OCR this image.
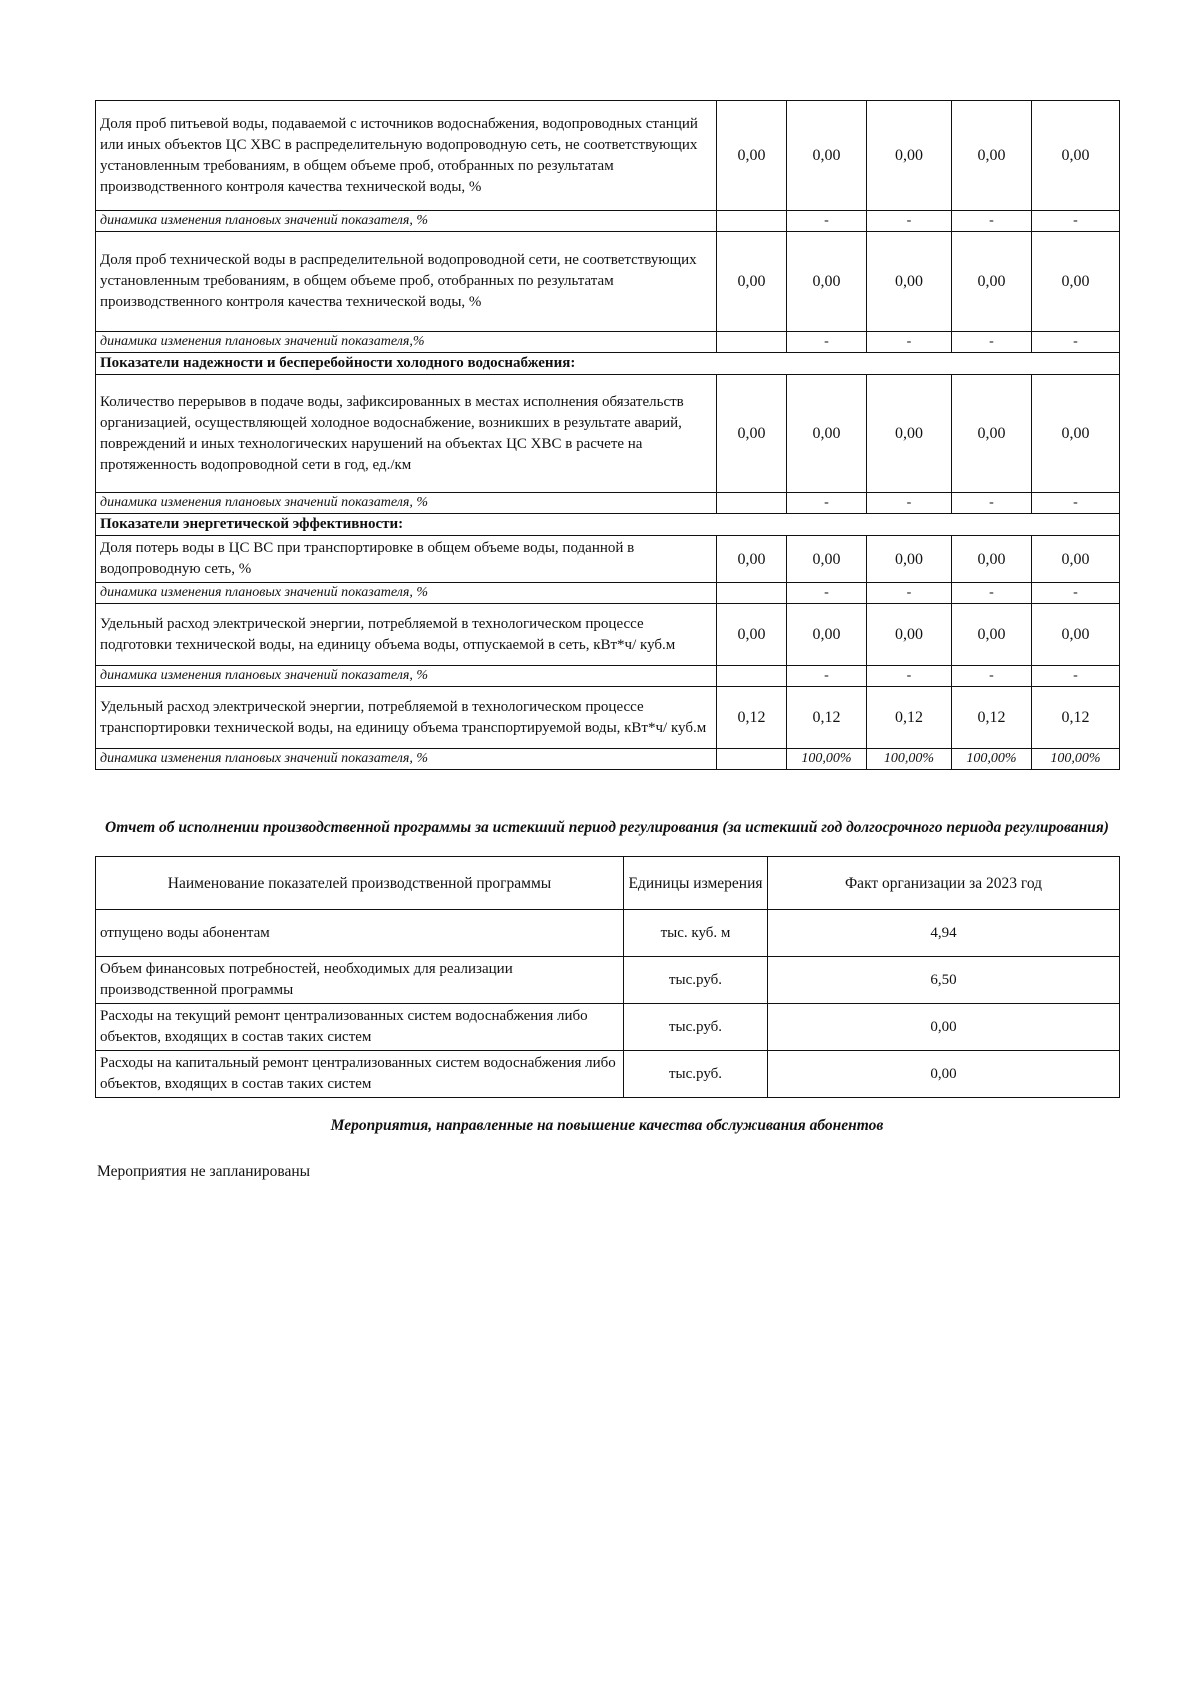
Доля проб питьевой воды, подаваемой с источников водоснабжения, водопроводных станций или иных объектов ЦС ХВС в распределительную водопроводную сеть, не соответствующих установленным требованиям, в общем объеме проб, отобранных по результатам производственного контроля качества технической воды, %	0,00	0,00	0,00	0,00	0,00
динамика изменения плановых значений показателя, %		-	-	-	-
Доля проб технической воды в распределительной водопроводной сети, не соответствующих установленным требованиям, в общем объеме проб, отобранных по результатам производственного контроля качества технической воды, %	0,00	0,00	0,00	0,00	0,00
динамика изменения плановых значений показателя,%		-	-	-	-
Показатели надежности и бесперебойности холодного водоснабжения:					
Количество перерывов в подаче воды, зафиксированных в местах исполнения обязательств организацией, осуществляющей холодное водоснабжение, возникших в результате аварий, повреждений и иных технологических нарушений на объектах ЦС ХВС в расчете на протяженность водопроводной сети в год, ед./км	0,00	0,00	0,00	0,00	0,00
динамика изменения плановых значений показателя, %		-	-	-	-
Показатели энергетической эффективности:					
Доля потерь воды в ЦС ВС при транспортировке в общем объеме воды, поданной в водопроводную сеть, %	0,00	0,00	0,00	0,00	0,00
динамика изменения плановых значений показателя, %		-	-	-	-
Удельный расход электрической энергии, потребляемой в технологическом процессе подготовки технической воды, на единицу объема воды, отпускаемой в сеть, кВт*ч/ куб.м	0,00	0,00	0,00	0,00	0,00
динамика изменения плановых значений показателя, %		-	-	-	-
Удельный расход электрической энергии, потребляемой в технологическом процессе транспортировки технической воды, на единицу объема транспортируемой воды, кВт*ч/ куб.м	0,12	0,12	0,12	0,12	0,12
динамика изменения плановых значений показателя, %		100,00%	100,00%	100,00%	100,00%
Отчет об исполнении производственной программы за истекший период регулирования (за истекший год долгосрочного периода регулирования)
Наименование показателей производственной программы	Единицы измерения	Факт организации за 2023 год
отпущено воды абонентам	тыс. куб. м	4,94
Объем финансовых потребностей, необходимых для реализации производственной программы	тыс.руб.	6,50
Расходы на текущий ремонт централизованных систем водоснабжения либо объектов, входящих в состав таких систем	тыс.руб.	0,00
Расходы на капитальный ремонт централизованных систем водоснабжения либо объектов, входящих в состав таких систем	тыс.руб.	0,00
Мероприятия, направленные на повышение качества обслуживания абонентов
Мероприятия не запланированы
